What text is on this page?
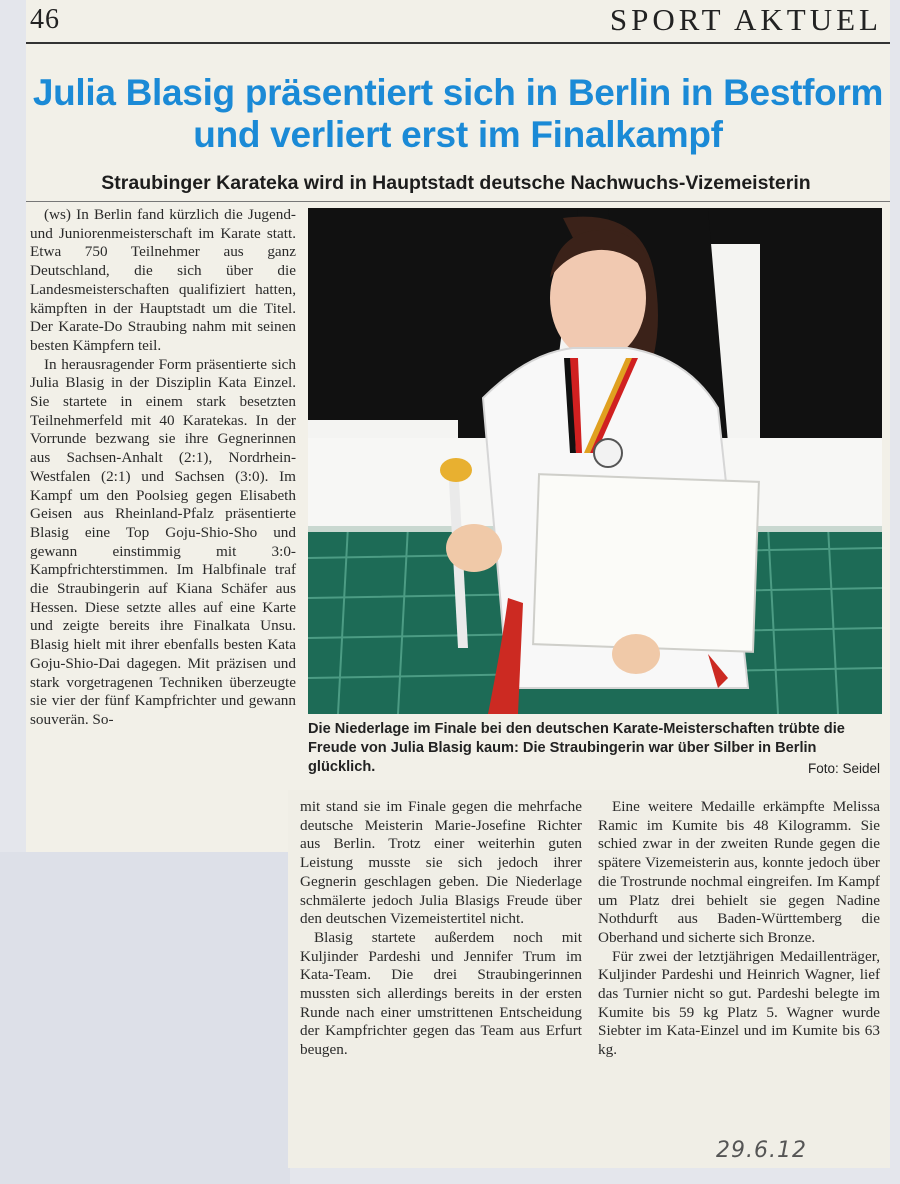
46	SPORT AKTUEL
Julia Blasig präsentiert sich in Berlin in Bestform und verliert erst im Finalkampf
Straubinger Karateka wird in Hauptstadt deutsche Nachwuchs-Vizemeisterin

(ws) In Berlin fand kürzlich die Jugend- und Juniorenmeisterschaft im Karate statt. Etwa 750 Teilnehmer aus ganz Deutschland, die sich über die Landesmeisterschaften qualifiziert hatten, kämpften in der Hauptstadt um die Titel. Der Karate-Do Straubing nahm mit seinen besten Kämpfern teil.

In herausragender Form präsentierte sich Julia Blasig in der Disziplin Kata Einzel. Sie startete in einem stark besetzten Teilnehmerfeld mit 40 Karatekas. In der Vorrunde bezwang sie ihre Gegnerinnen aus Sachsen-Anhalt (2:1), Nordrhein-Westfalen (2:1) und Sachsen (3:0). Im Kampf um den Poolsieg gegen Elisabeth Geisen aus Rheinland-Pfalz präsentierte Blasig eine Top Goju-Shio-Sho und gewann einstimmig mit 3:0-Kampfrichterstimmen. Im Halbfinale traf die Straubingerin auf Kiana Schäfer aus Hessen. Diese setzte alles auf eine Karte und zeigte bereits ihre Finalkata Unsu. Blasig hielt mit ihrer ebenfalls besten Kata Goju-Shio-Dai dagegen. Mit präzisen und stark vorgetragenen Techniken überzeugte sie vier der fünf Kampfrichter und gewann souverän. So-

Die Niederlage im Finale bei den deutschen Karate-Meisterschaften trübte die Freude von Julia Blasig kaum: Die Straubingerin war über Silber in Berlin glücklich.	Foto: Seidel

mit stand sie im Finale gegen die mehrfache deutsche Meisterin Marie-Josefine Richter aus Berlin. Trotz einer weiterhin guten Leistung musste sie sich jedoch ihrer Gegnerin geschlagen geben. Die Niederlage schmälerte jedoch Julia Blasigs Freude über den deutschen Vizemeistertitel nicht.

Blasig startete außerdem noch mit Kuljinder Pardeshi und Jennifer Trum im Kata-Team. Die drei Straubingerinnen mussten sich allerdings bereits in der ersten Runde nach einer umstrittenen Entscheidung der Kampfrichter gegen das Team aus Erfurt beugen.

Eine weitere Medaille erkämpfte Melissa Ramic im Kumite bis 48 Kilogramm. Sie schied zwar in der zweiten Runde gegen die spätere Vizemeisterin aus, konnte jedoch über die Trostrunde nochmal eingreifen. Im Kampf um Platz drei behielt sie gegen Nadine Nothdurft aus Baden-Württemberg die Oberhand und sicherte sich Bronze.

Für zwei der letztjährigen Medaillenträger, Kuljinder Pardeshi und Heinrich Wagner, lief das Turnier nicht so gut. Pardeshi belegte im Kumite bis 59 kg Platz 5. Wagner wurde Siebter im Kata-Einzel und im Kumite bis 63 kg.

29.6.12
